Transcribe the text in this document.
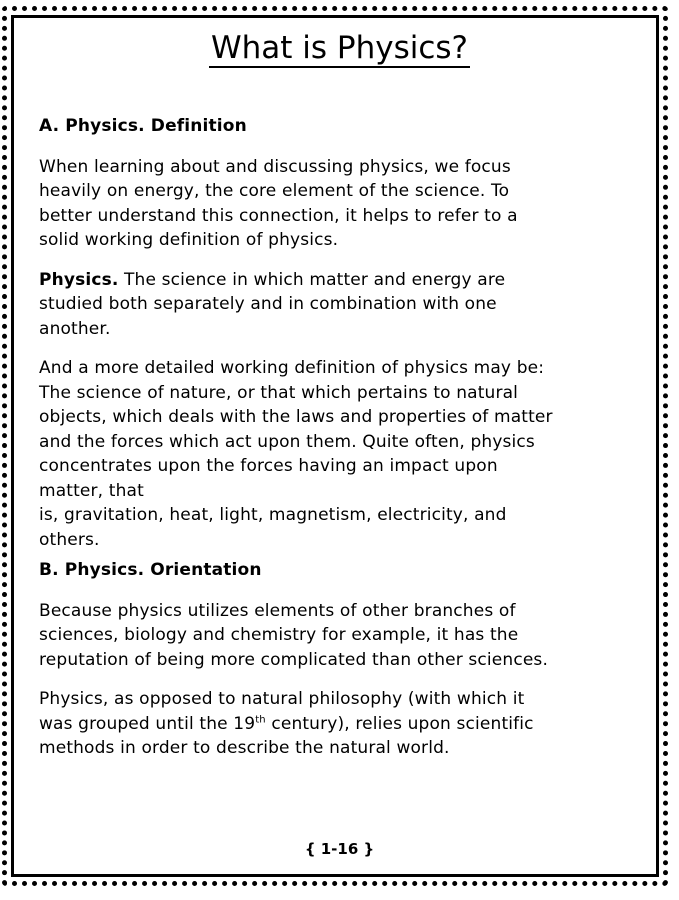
What is Physics?
A. Physics. Definition

When learning about and discussing physics, we focus
heavily on energy, the core element of the science. To
better understand this connection, it helps to refer to a
solid working definition of physics.

Physics. The science in which matter and energy are
studied both separately and in combination with one
another.

And a more detailed working definition of physics may be:
The science of nature, or that which pertains to natural
objects, which deals with the laws and properties of matter
and the forces which act upon them. Quite often, physics
concentrates upon the forces having an impact upon
matter, that
is, gravitation, heat, light, magnetism, electricity, and
others.

B. Physics. Orientation

Because physics utilizes elements of other branches of
sciences, biology and chemistry for example, it has the
reputation of being more complicated than other sciences.

Physics, as opposed to natural philosophy (with which it
was grouped until the 19th century), relies upon scientific
methods in order to describe the natural world.

{ 1-16 }
